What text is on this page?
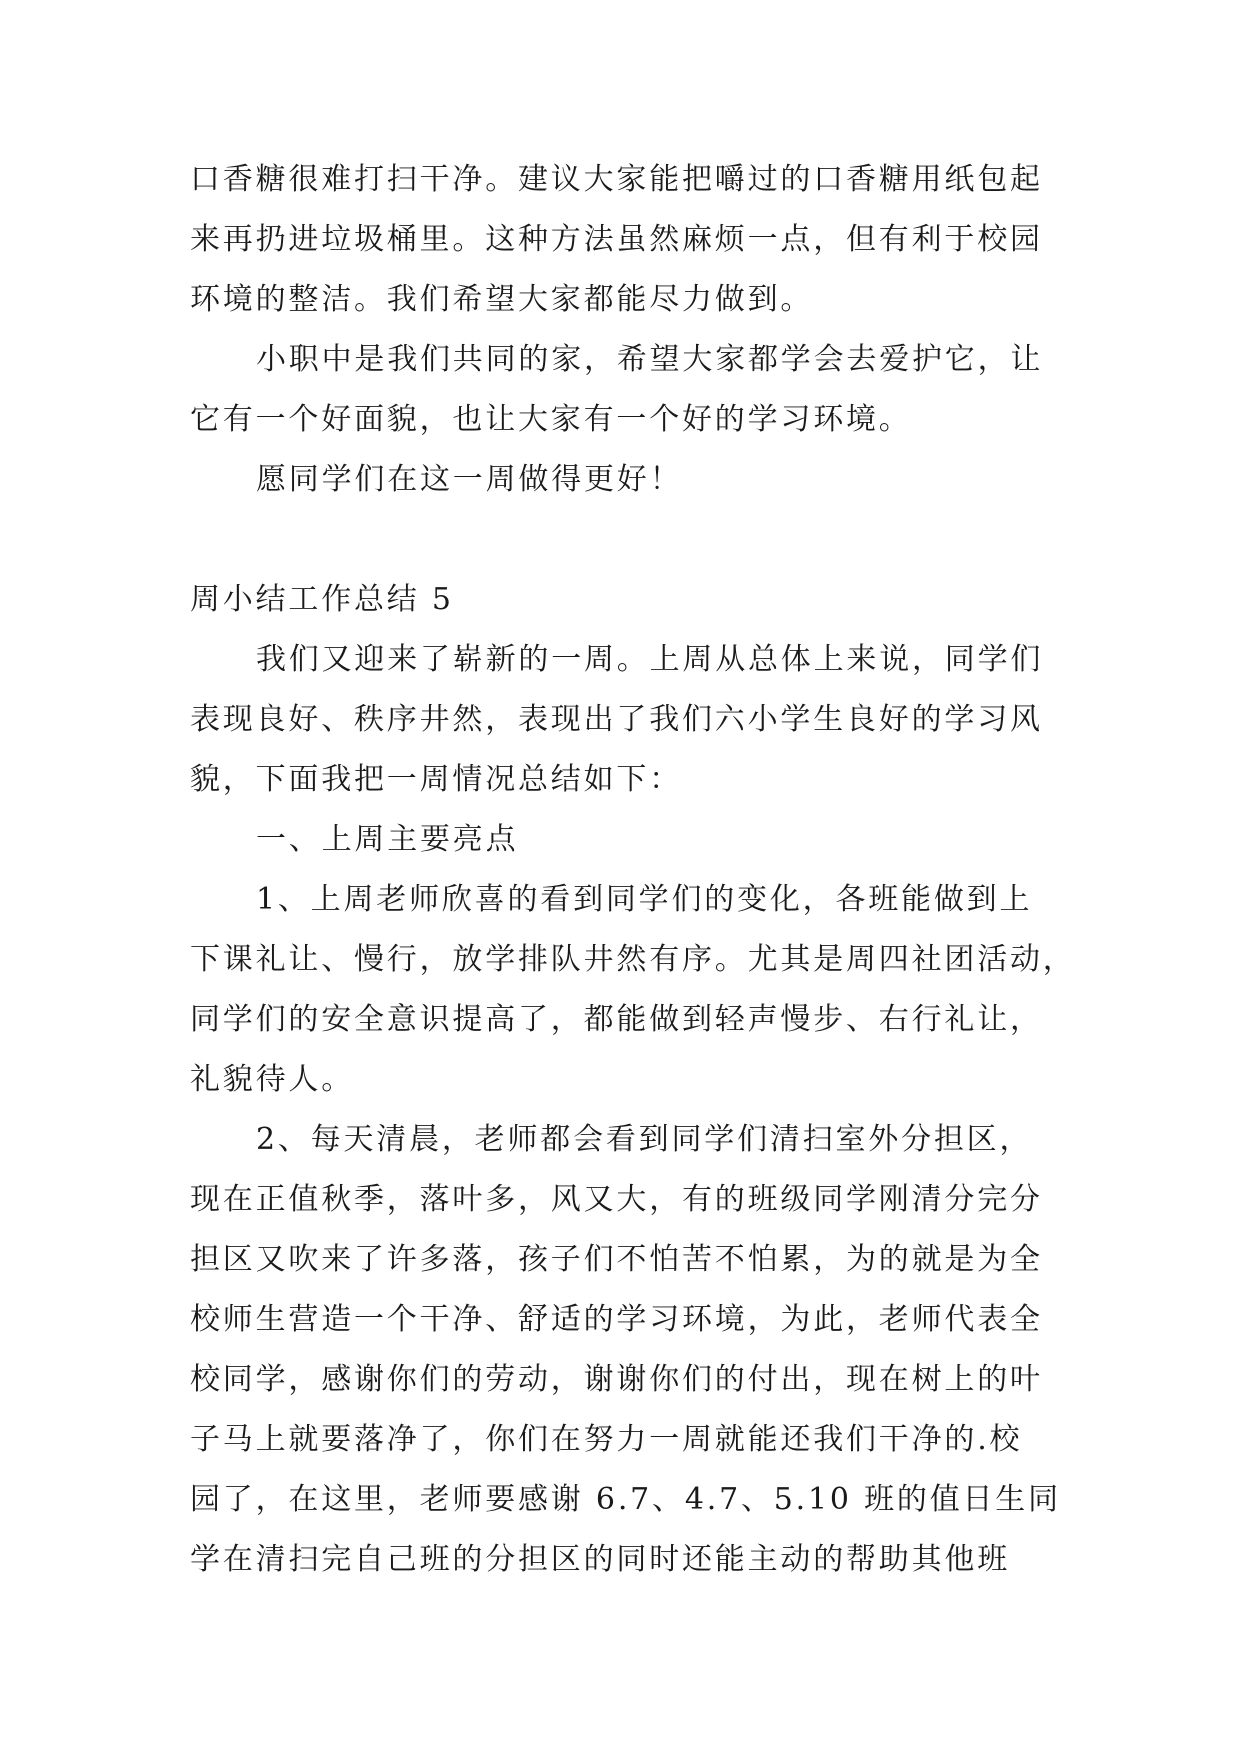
口香糖很难打扫干净。建议大家能把嚼过的口香糖用纸包起
来再扔进垃圾桶里。这种方法虽然麻烦一点，但有利于校园
环境的整洁。我们希望大家都能尽力做到。
小职中是我们共同的家，希望大家都学会去爱护它，让
它有一个好面貌，也让大家有一个好的学习环境。
愿同学们在这一周做得更好！
周小结工作总结 5
我们又迎来了崭新的一周。上周从总体上来说，同学们
表现良好、秩序井然，表现出了我们六小学生良好的学习风
貌，下面我把一周情况总结如下：
一、上周主要亮点
1、上周老师欣喜的看到同学们的变化，各班能做到上
下课礼让、慢行，放学排队井然有序。尤其是周四社团活动，
同学们的安全意识提高了，都能做到轻声慢步、右行礼让，
礼貌待人。
2、每天清晨，老师都会看到同学们清扫室外分担区，
现在正值秋季，落叶多，风又大，有的班级同学刚清分完分
担区又吹来了许多落，孩子们不怕苦不怕累，为的就是为全
校师生营造一个干净、舒适的学习环境，为此，老师代表全
校同学，感谢你们的劳动，谢谢你们的付出，现在树上的叶
子马上就要落净了，你们在努力一周就能还我们干净的.校
园了，在这里，老师要感谢 6.7、4.7、5.10 班的值日生同
学在清扫完自己班的分担区的同时还能主动的帮助其他班
